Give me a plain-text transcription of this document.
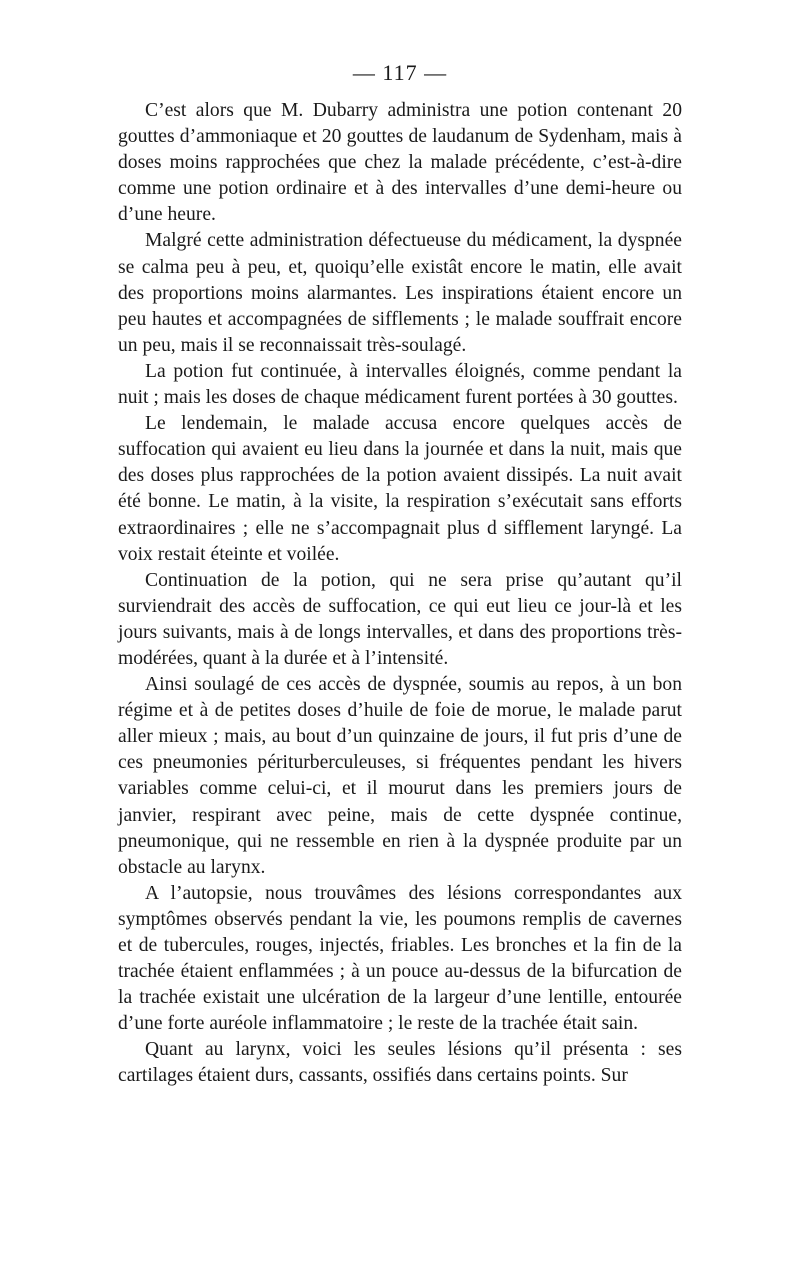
— 117 —

C’est alors que M. Dubarry administra une potion contenant 20 gouttes d’ammoniaque et 20 gouttes de laudanum de Sydenham, mais à doses moins rapprochées que chez la malade précédente, c’est-à-dire comme une potion ordinaire et à des intervalles d’une demi-heure ou d’une heure.

Malgré cette administration défectueuse du médicament, la dyspnée se calma peu à peu, et, quoiqu’elle existât encore le matin, elle avait des proportions moins alarmantes. Les inspirations étaient encore un peu hautes et accompagnées de sifflements ; le malade souffrait encore un peu, mais il se reconnaissait très-soulagé.

La potion fut continuée, à intervalles éloignés, comme pendant la nuit ; mais les doses de chaque médicament furent portées à 30 gouttes.

Le lendemain, le malade accusa encore quelques accès de suffocation qui avaient eu lieu dans la journée et dans la nuit, mais que des doses plus rapprochées de la potion avaient dissipés. La nuit avait été bonne. Le matin, à la visite, la respiration s’exécutait sans efforts extraordinaires ; elle ne s’accompagnait plus d sifflement laryngé. La voix restait éteinte et voilée.

Continuation de la potion, qui ne sera prise qu’autant qu’il surviendrait des accès de suffocation, ce qui eut lieu ce jour-là et les jours suivants, mais à de longs intervalles, et dans des proportions très-modérées, quant à la durée et à l’intensité.

Ainsi soulagé de ces accès de dyspnée, soumis au repos, à un bon régime et à de petites doses d’huile de foie de morue, le malade parut aller mieux ; mais, au bout d’un quinzaine de jours, il fut pris d’une de ces pneumonies périturberculeuses, si fréquentes pendant les hivers variables comme celui-ci, et il mourut dans les premiers jours de janvier, respirant avec peine, mais de cette dyspnée continue, pneumonique, qui ne ressemble en rien à la dyspnée produite par un obstacle au larynx.

A l’autopsie, nous trouvâmes des lésions correspondantes aux symptômes observés pendant la vie, les poumons remplis de cavernes et de tubercules, rouges, injectés, friables. Les bronches et la fin de la trachée étaient enflammées ; à un pouce au-dessus de la bifurcation de la trachée existait une ulcération de la largeur d’une lentille, entourée d’une forte auréole inflammatoire ; le reste de la trachée était sain.

Quant au larynx, voici les seules lésions qu’il présenta : ses cartilages étaient durs, cassants, ossifiés dans certains points. Sur
